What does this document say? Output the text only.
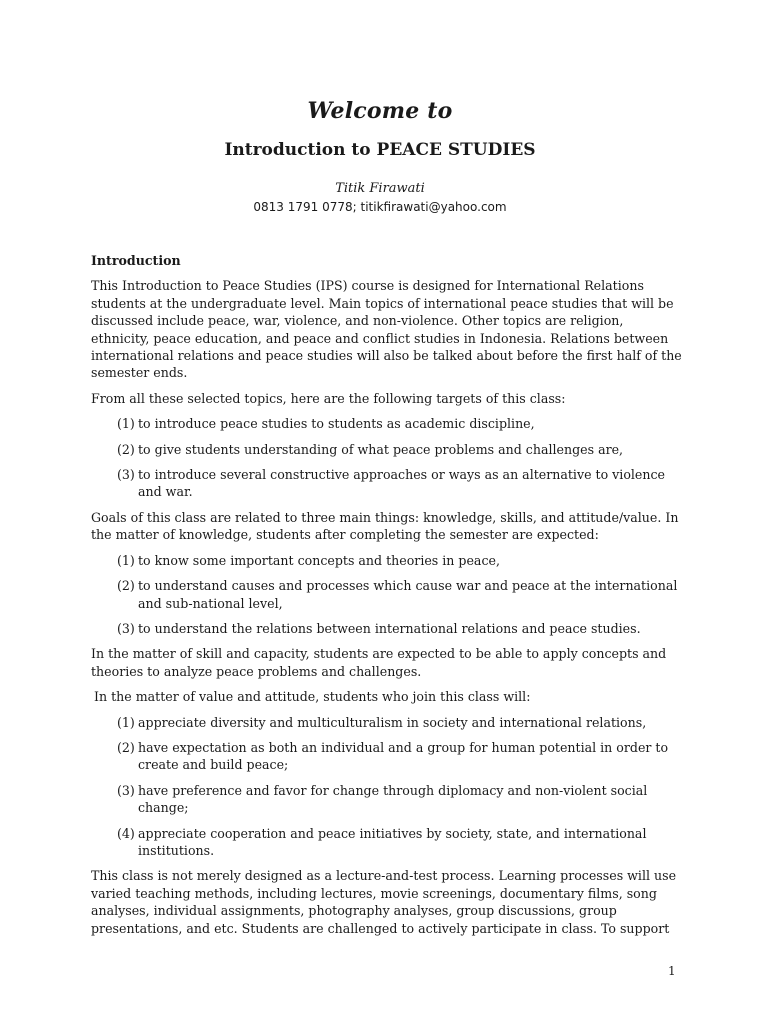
Welcome to
Introduction to PEACE STUDIES
Titik Firawati
0813 1791 0778; titikfirawati@yahoo.com
Introduction

This Introduction to Peace Studies (IPS) course is designed for International Relations students at the undergraduate level. Main topics of international peace studies that will be discussed include peace, war, violence, and non-violence. Other topics are religion, ethnicity, peace education, and peace and conflict studies in Indonesia. Relations between international relations and peace studies will also be talked about before the first half of the semester ends.

From all these selected topics, here are the following targets of this class:

(1) to introduce peace studies to students as academic discipline,
(2) to give students understanding of what peace problems and challenges are,
(3) to introduce several constructive approaches or ways as an alternative to violence and war.

Goals of this class are related to three main things: knowledge, skills, and attitude/value. In the matter of knowledge, students after completing the semester are expected:

(1) to know some important concepts and theories in peace,
(2) to understand causes and processes which cause war and peace at the international and sub-national level,
(3) to understand the relations between international relations and peace studies.

In the matter of skill and capacity, students are expected to be able to apply concepts and theories to analyze peace problems and challenges.

In the matter of value and attitude, students who join this class will:

(1) appreciate diversity and multiculturalism in society and international relations,
(2) have expectation as both an individual and a group for human potential in order to create and build peace;
(3) have preference and favor for change through diplomacy and non-violent social change;
(4) appreciate cooperation and peace initiatives by society, state, and international institutions.

This class is not merely designed as a lecture-and-test process. Learning processes will use varied teaching methods, including lectures, movie screenings, documentary films, song analyses, individual assignments, photography analyses, group discussions, group presentations, and etc. Students are challenged to actively participate in class. To support

1
